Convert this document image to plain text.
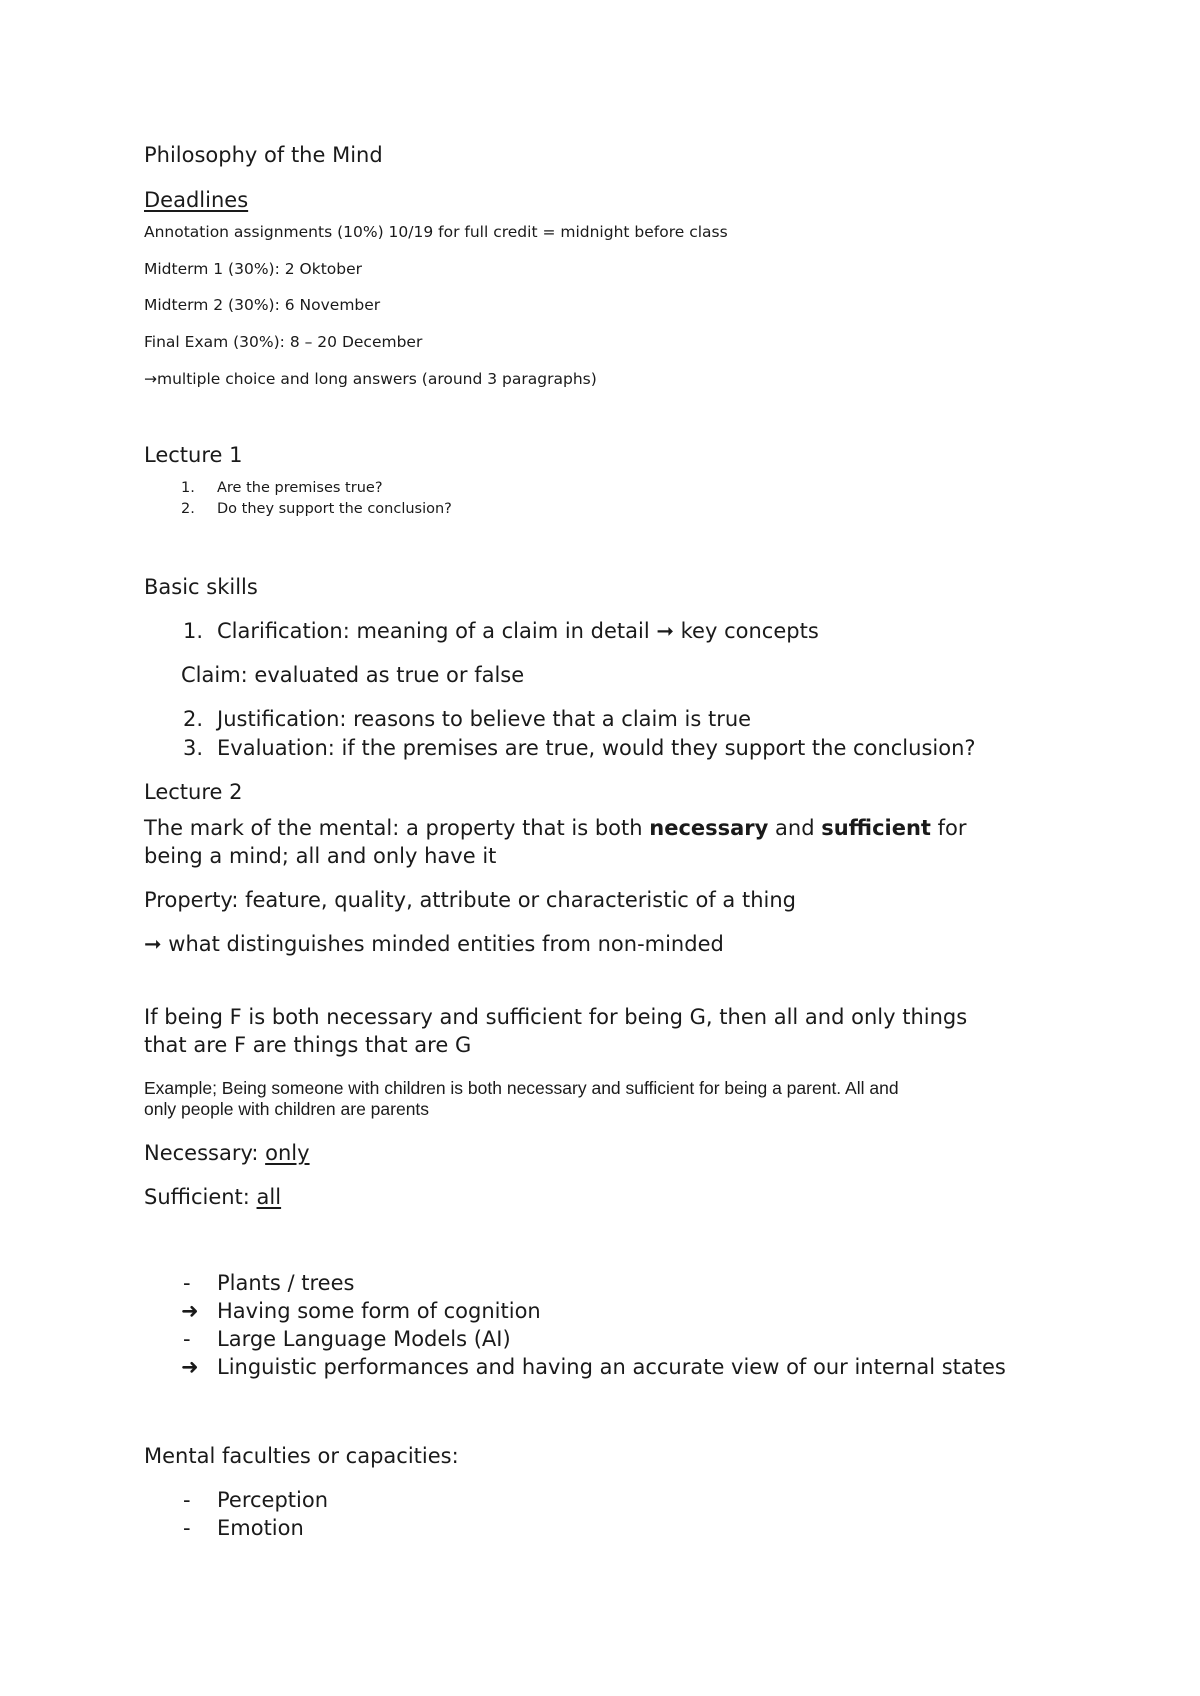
Philosophy of the Mind
Deadlines
Annotation assignments (10%) 10/19 for full credit = midnight before class
Midterm 1 (30%): 2 Oktober
Midterm 2 (30%): 6 November
Final Exam (30%): 8 – 20 December
→multiple choice and long answers (around 3 paragraphs)
Lecture 1
1. Are the premises true?
2. Do they support the conclusion?
Basic skills
1. Clarification: meaning of a claim in detail ➞ key concepts
Claim: evaluated as true or false
2. Justification: reasons to believe that a claim is true
3. Evaluation: if the premises are true, would they support the conclusion?
Lecture 2
The mark of the mental: a property that is both necessary and sufficient for
being a mind; all and only have it
Property: feature, quality, attribute or characteristic of a thing
➞ what distinguishes minded entities from non-minded
If being F is both necessary and sufficient for being G, then all and only things
that are F are things that are G
Example; Being someone with children is both necessary and sufficient for being a parent. All and
only people with children are parents
Necessary: only
Sufficient: all
- Plants / trees
➜ Having some form of cognition
- Large Language Models (AI)
➜ Linguistic performances and having an accurate view of our internal states
Mental faculties or capacities:
- Perception
- Emotion
